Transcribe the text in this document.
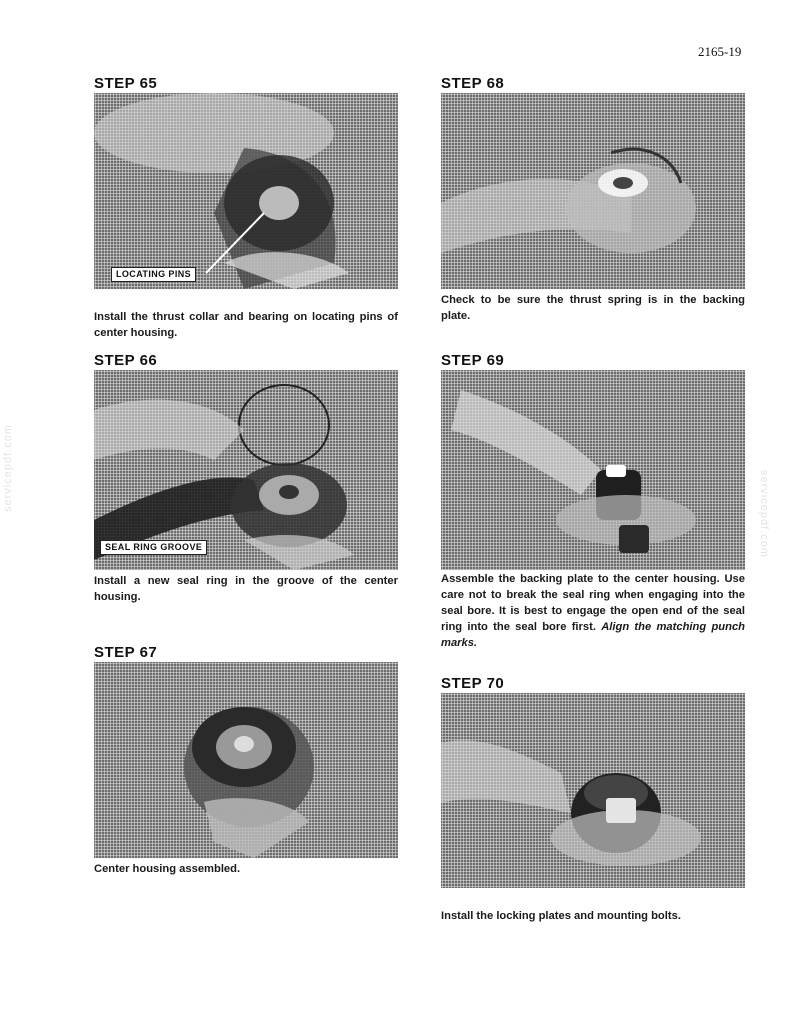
2165-19
servicepdf.com
servicepdf.com
STEP 65
LOCATING PINS
Install the thrust collar and bearing on locating pins of center housing.
STEP 66
SEAL RING GROOVE
Install a new seal ring in the groove of the center housing.
STEP 67
Center housing assembled.
STEP 68
Check to be sure the thrust spring is in the backing plate.
STEP 69
Assemble the backing plate to the center housing. Use care not to break the seal ring when engaging into the seal bore. It is best to engage the open end of the seal ring into the seal bore first. Align the matching punch marks.
STEP 70
Install the locking plates and mounting bolts.
